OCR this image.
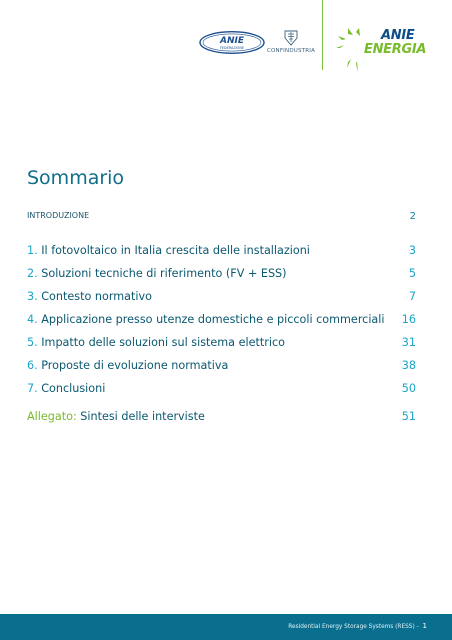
ANIE
FEDERAZIONE	CONFINDUSTRIA
ANIE
ENERGIA
Sommario
INTRODUZIONE	2
1. Il fotovoltaico in Italia crescita delle installazioni	3
2. Soluzioni tecniche di riferimento (FV + ESS)	5
3. Contesto normativo	7
4. Applicazione presso utenze domestiche e piccoli commerciali 16
5. Impatto delle soluzioni sul sistema elettrico	31
6. Proposte di evoluzione normativa	38
7. Conclusioni	50
Allegato: Sintesi delle interviste	51
Residential Energy Storage Systems (RESS) - 1
